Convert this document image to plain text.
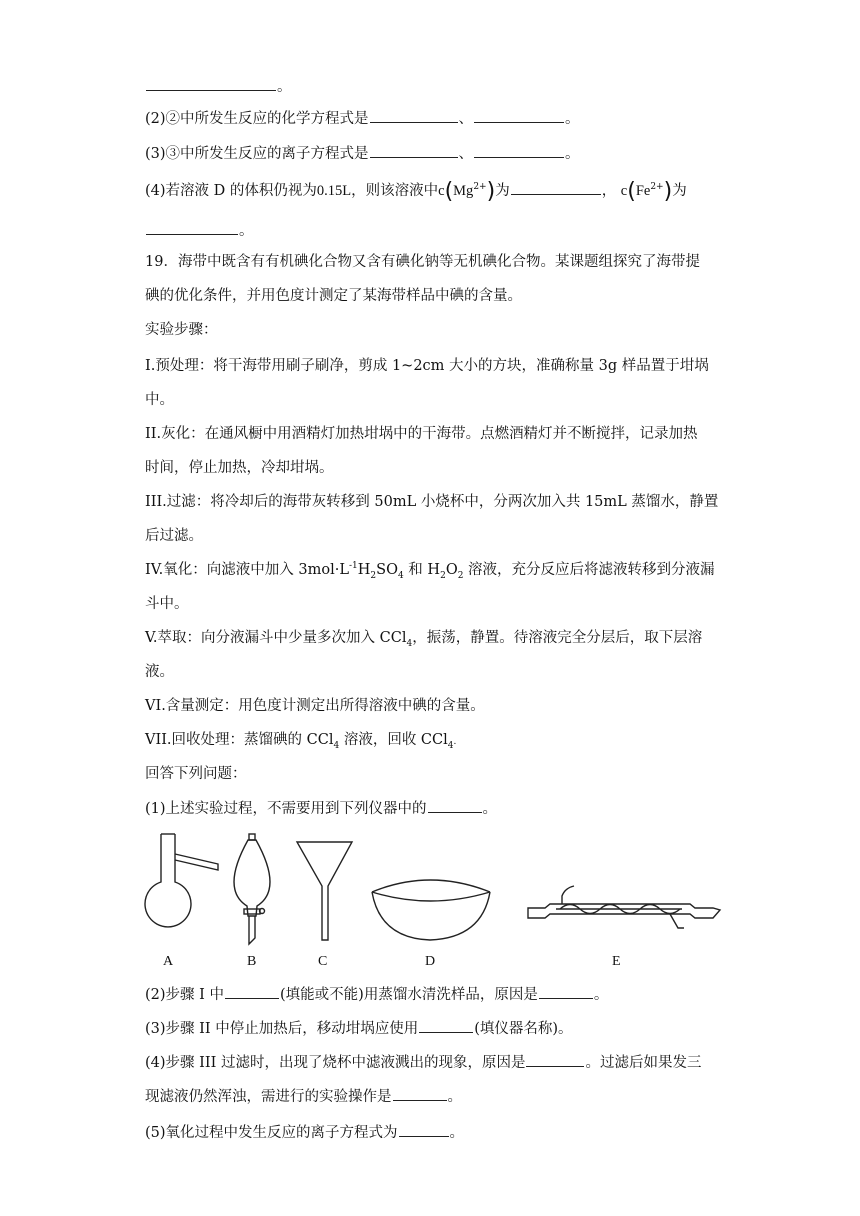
。
(2)②中所发生反应的化学方程式是	、	。
(3)③中所发生反应的离子方程式是	、	。
(4)若溶液 D 的体积仍视为0.15L，则该溶液中$c(Mg^{2+})$为	， $c(Fe^{2+})$为
。
19．海带中既含有有机碘化合物又含有碘化钠等无机碘化合物。某课题组探究了海带提
碘的优化条件，并用色度计测定了某海带样品中碘的含量。
实验步骤：
I.预处理：将干海带用刷子刷净，剪成 1~2cm 大小的方块，准确称量 3g 样品置于坩埚
中。
II.灰化：在通风橱中用酒精灯加热坩埚中的干海带。点燃酒精灯并不断搅拌，记录加热
时间，停止加热，冷却坩埚。
III.过滤：将冷却后的海带灰转移到 50mL 小烧杯中，分两次加入共 15mL 蒸馏水，静置
后过滤。
IV.氧化：向滤液中加入 $3mol\cdot L^{-1}H_2SO_4$ 和 $H_2O_2$ 溶液，充分反应后将滤液转移到分液漏
斗中。
V.萃取：向分液漏斗中少量多次加入 CCl$_4$，振荡，静置。待溶液完全分层后，取下层溶
液。
VI.含量测定：用色度计测定出所得溶液中碘的含量。
VII.回收处理：蒸馏碘的 CCl$_4$ 溶液，回收 CCl$_4$.
回答下列问题：
(1)上述实验过程，不需要用到下列仪器中的	。
A	B	C	D	E
(2)步骤 I 中	(填能或不能)用蒸馏水清洗样品，原因是	。
(3)步骤 II 中停止加热后，移动坩埚应使用	(填仪器名称)。
(4)步骤 III 过滤时，出现了烧杯中滤液溅出的现象，原因是	。过滤后如果发三
现滤液仍然浑浊，需进行的实验操作是	。
(5)氧化过程中发生反应的离子方程式为	。
